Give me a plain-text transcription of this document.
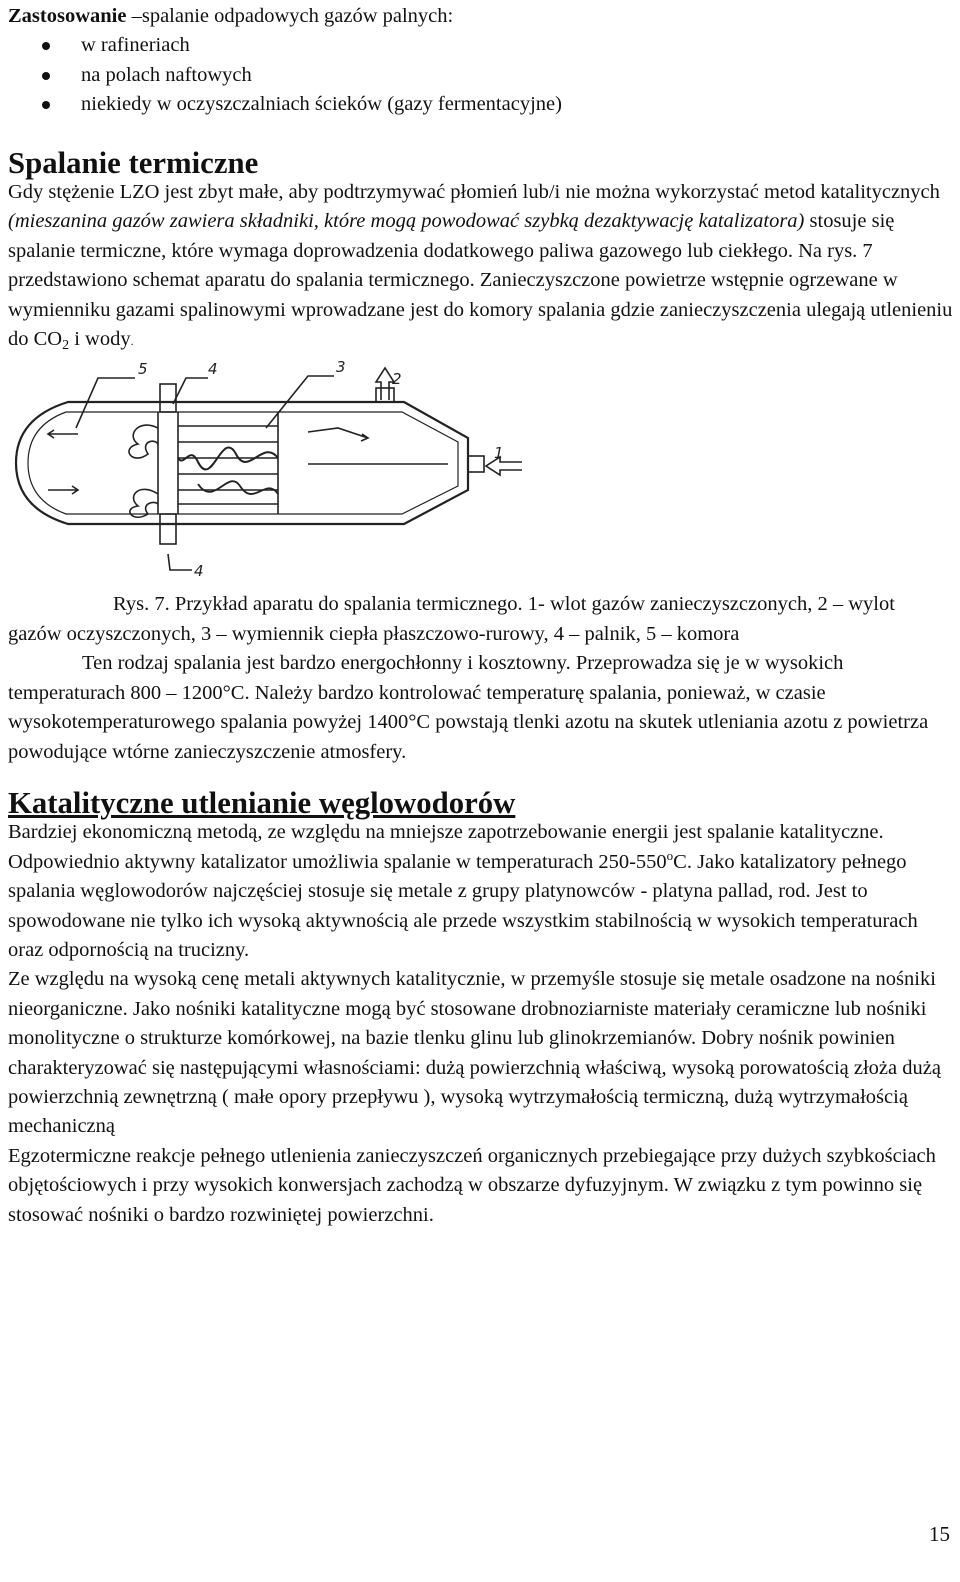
Zastosowanie –spalanie odpadowych gazów palnych:

w rafineriach
na polach naftowych
niekiedy w oczyszczalniach ścieków (gazy fermentacyjne)
Spalanie termiczne

Gdy stężenie LZO jest zbyt małe, aby podtrzymywać płomień lub/i nie można wykorzystać metod katalitycznych (mieszanina gazów zawiera składniki, które mogą powodować szybką dezaktywację katalizatora) stosuje się spalanie termiczne, które wymaga doprowadzenia dodatkowego paliwa gazowego lub ciekłego. Na rys. 7 przedstawiono schemat aparatu do spalania termicznego. Zanieczyszczone powietrze wstępnie ogrzewane w wymienniku gazami spalinowymi wprowadzane jest do komory spalania gdzie zanieczyszczenia ulegają utlenieniu do $CO_2$ i wody.

5	4	3
2
1
4

Rys. 7. Przykład aparatu do spalania termicznego. 1- wlot gazów zanieczyszczonych, 2 – wylot gazów oczyszczonych, 3 – wymiennik ciepła płaszczowo-rurowy, 4 – palnik, 5 – komora

Ten rodzaj spalania jest bardzo energochłonny i kosztowny. Przeprowadza się je w wysokich temperaturach 800 – 1200°C. Należy bardzo kontrolować temperaturę spalania, ponieważ, w czasie wysokotemperaturowego spalania powyżej 1400°C powstają tlenki azotu na skutek utleniania azotu z powietrza powodujące wtórne zanieczyszczenie atmosfery.

Katalityczne utlenianie węglowodorów

Bardziej ekonomiczną metodą, ze względu na mniejsze zapotrzebowanie energii jest spalanie katalityczne. Odpowiednio aktywny katalizator umożliwia spalanie w temperaturach 250-550$^o$C. Jako katalizatory pełnego spalania węglowodorów najczęściej stosuje się metale z grupy platynowców - platyna pallad, rod. Jest to spowodowane nie tylko ich wysoką aktywnością ale przede wszystkim stabilnością w wysokich temperaturach oraz odpornością na trucizny.

Ze względu na wysoką cenę metali aktywnych katalitycznie, w przemyśle stosuje się metale osadzone na nośniki nieorganiczne. Jako nośniki katalityczne mogą być stosowane drobnoziarniste materiały ceramiczne lub nośniki monolityczne o strukturze komórkowej, na bazie tlenku glinu lub glinokrzemianów. Dobry nośnik powinien charakteryzować się następującymi własnościami: dużą powierzchnią właściwą, wysoką porowatością złoża dużą powierzchnią zewnętrzną ( małe opory przepływu ), wysoką wytrzymałością termiczną, dużą wytrzymałością mechaniczną

Egzotermiczne reakcje pełnego utlenienia zanieczyszczeń organicznych przebiegające przy dużych szybkościach objętościowych i przy wysokich konwersjach zachodzą w obszarze dyfuzyjnym. W związku z tym powinno się stosować nośniki o bardzo rozwiniętej powierzchni.

15
